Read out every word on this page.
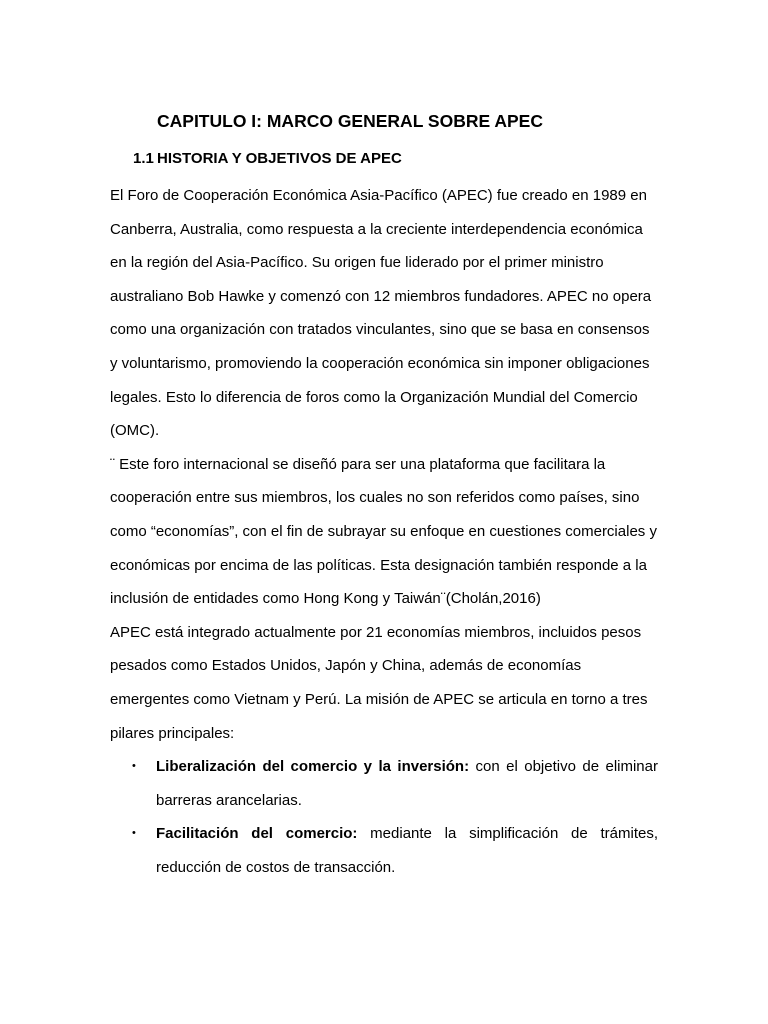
CAPITULO I: MARCO GENERAL SOBRE APEC
1.1 HISTORIA Y OBJETIVOS DE APEC

El Foro de Cooperación Económica Asia-Pacífico (APEC) fue creado en 1989 en Canberra, Australia, como respuesta a la creciente interdependencia económica en la región del Asia-Pacífico. Su origen fue liderado por el primer ministro australiano Bob Hawke y comenzó con 12 miembros fundadores. APEC no opera como una organización con tratados vinculantes, sino que se basa en consensos y voluntarismo, promoviendo la cooperación económica sin imponer obligaciones legales. Esto lo diferencia de foros como la Organización Mundial del Comercio (OMC).

¨ Este foro internacional se diseñó para ser una plataforma que facilitara la cooperación entre sus miembros, los cuales no son referidos como países, sino como “economías”, con el fin de subrayar su enfoque en cuestiones comerciales y económicas por encima de las políticas. Esta designación también responde a la inclusión de entidades como Hong Kong y Taiwán¨(Cholán,2016)

APEC está integrado actualmente por 21 economías miembros, incluidos pesos pesados como Estados Unidos, Japón y China, además de economías emergentes como Vietnam y Perú. La misión de APEC se articula en torno a tres pilares principales:

• Liberalización del comercio y la inversión: con el objetivo de eliminar barreras arancelarias.
• Facilitación del comercio: mediante la simplificación de trámites, reducción de costos de transacción.
